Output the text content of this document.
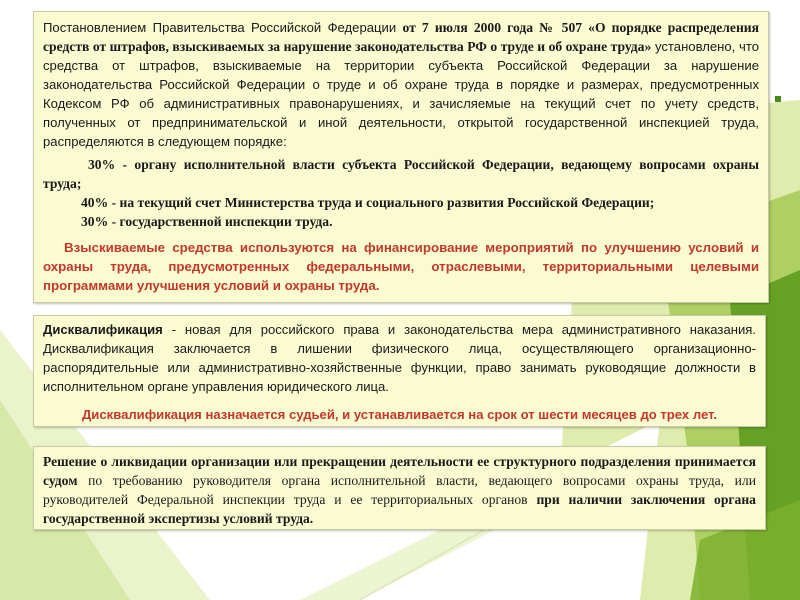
Постановлением Правительства Российской Федерации от 7 июля 2000 года № 507 «О порядке распределения средств от штрафов, взыскиваемых за нарушение законодательства РФ о труде и об охране труда» установлено, что средства от штрафов, взыскиваемые на территории субъекта Российской Федерации за нарушение законодательства Российской Федерации о труде и об охране труда в порядке и размерах, предусмотренных Кодексом РФ об административных правонарушениях, и зачисляемые на текущий счет по учету средств, полученных от предпринимательской и иной деятельности, открытой государственной инспекцией труда, распределяются в следующем порядке:

30% - органу исполнительной власти субъекта Российской Федерации, ведающему вопросами охраны труда;

40% - на текущий счет Министерства труда и социального развития Российской Федерации;

30% - государственной инспекции труда.

Взыскиваемые средства используются на финансирование мероприятий по улучшению условий и охраны труда, предусмотренных федеральными, отраслевыми, территориальными целевыми программами улучшения условий и охраны труда.

Дисквалификация - новая для российского права и законодательства мера административного наказания. Дисквалификация заключается в лишении физического лица, осуществляющего организационно-распорядительные или административно-хозяйственные функции, право занимать руководящие должности в исполнительном органе управления юридического лица.

Дисквалификация назначается судьей, и устанавливается на срок от шести месяцев до трех лет.

Решение о ликвидации организации или прекращении деятельности ее структурного подразделения принимается судом по требованию руководителя органа исполнительной власти, ведающего вопросами охраны труда, или руководителей Федеральной инспекции труда и ее территориальных органов при наличии заключения органа государственной экспертизы условий труда.
